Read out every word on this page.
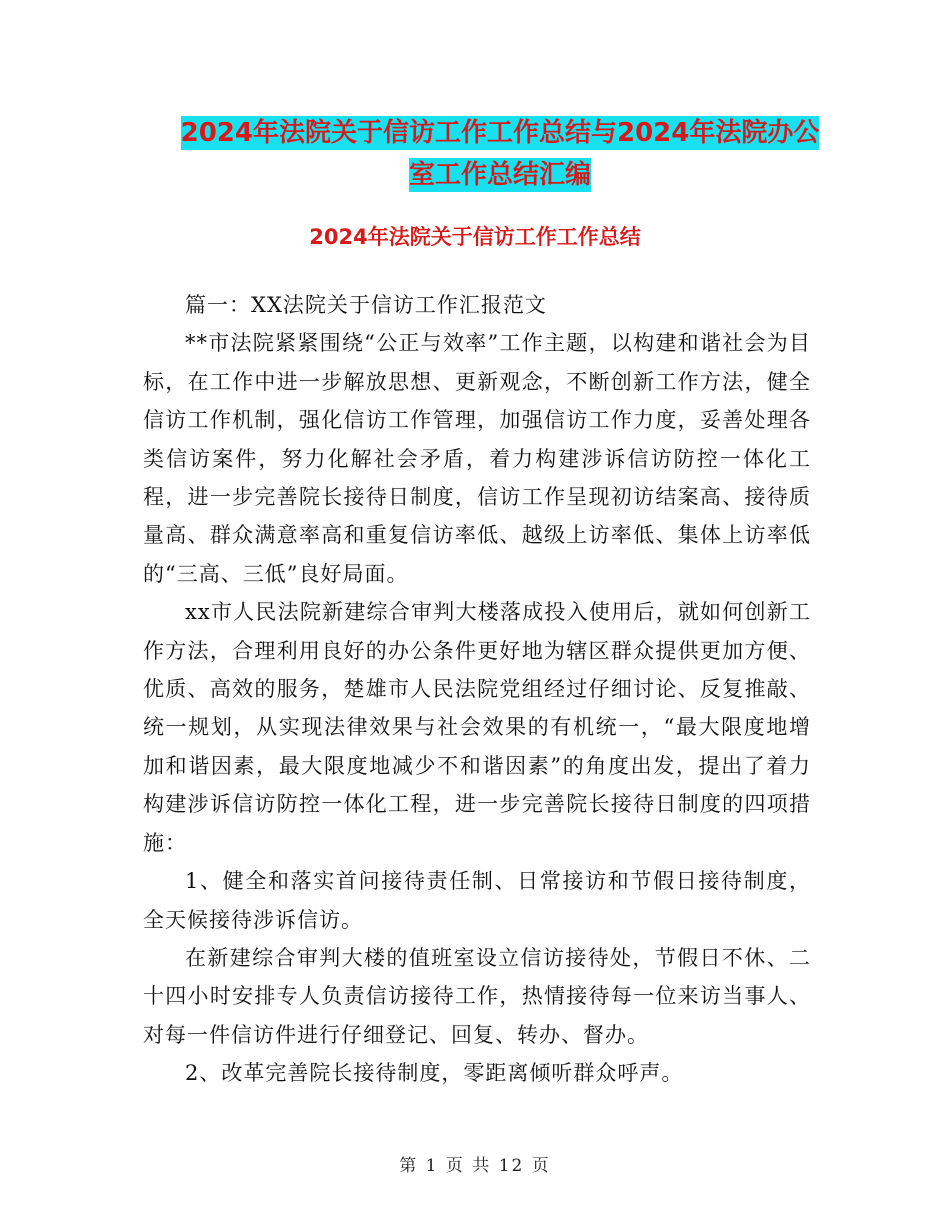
2024年法院关于信访工作工作总结与2024年法院办公
室工作总结汇编
2024年法院关于信访工作工作总结

篇一：XX法院关于信访工作汇报范文

**市法院紧紧围绕“公正与效率”工作主题，以构建和谐社会为目标，在工作中进一步解放思想、更新观念，不断创新工作方法，健全信访工作机制，强化信访工作管理，加强信访工作力度，妥善处理各类信访案件，努力化解社会矛盾，着力构建涉诉信访防控一体化工程，进一步完善院长接待日制度，信访工作呈现初访结案高、接待质量高、群众满意率高和重复信访率低、越级上访率低、集体上访率低的“三高、三低”良好局面。

xx市人民法院新建综合审判大楼落成投入使用后，就如何创新工作方法，合理利用良好的办公条件更好地为辖区群众提供更加方便、优质、高效的服务，楚雄市人民法院党组经过仔细讨论、反复推敲、统一规划，从实现法律效果与社会效果的有机统一，“最大限度地增加和谐因素，最大限度地减少不和谐因素”的角度出发，提出了着力构建涉诉信访防控一体化工程，进一步完善院长接待日制度的四项措施：

1、健全和落实首问接待责任制、日常接访和节假日接待制度，全天候接待涉诉信访。

在新建综合审判大楼的值班室设立信访接待处，节假日不休、二十四小时安排专人负责信访接待工作，热情接待每一位来访当事人、对每一件信访件进行仔细登记、回复、转办、督办。

2、改革完善院长接待制度，零距离倾听群众呼声。

第 1 页 共 12 页
